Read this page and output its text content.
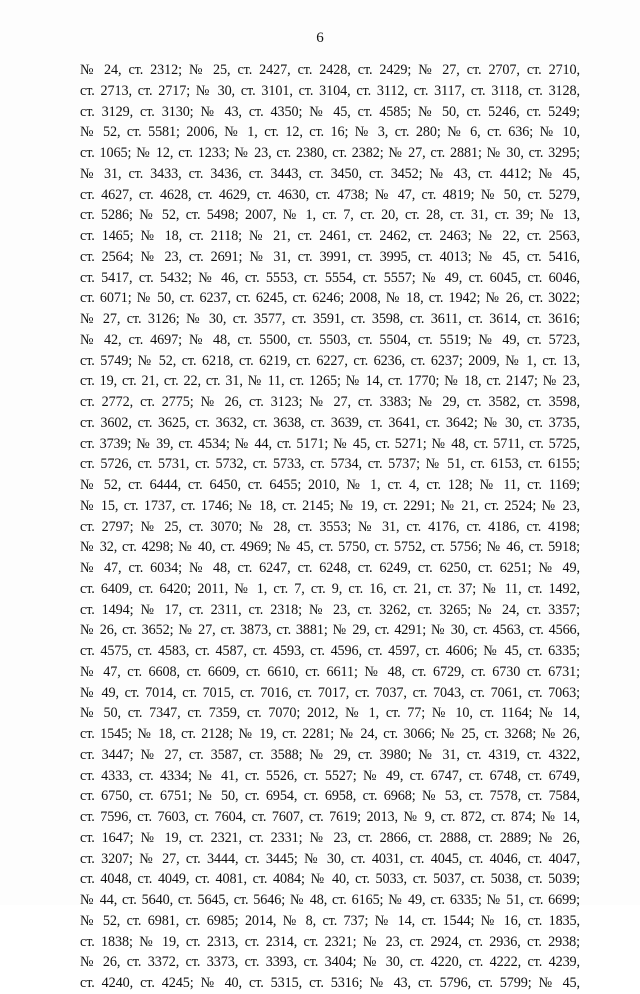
6
№ 24, ст. 2312; № 25, ст. 2427, ст. 2428, ст. 2429; № 27, ст. 2707, ст. 2710,
ст. 2713, ст. 2717; № 30, ст. 3101, ст. 3104, ст. 3112, ст. 3117, ст. 3118, ст. 3128,
ст. 3129, ст. 3130; № 43, ст. 4350; № 45, ст. 4585; № 50, ст. 5246, ст. 5249;
№ 52, ст. 5581; 2006, № 1, ст. 12, ст. 16; № 3, ст. 280; № 6, ст. 636; № 10,
ст. 1065; № 12, ст. 1233; № 23, ст. 2380, ст. 2382; № 27, ст. 2881; № 30, ст. 3295;
№ 31, ст. 3433, ст. 3436, ст. 3443, ст. 3450, ст. 3452; № 43, ст. 4412; № 45,
ст. 4627, ст. 4628, ст. 4629, ст. 4630, ст. 4738; № 47, ст. 4819; № 50, ст. 5279,
ст. 5286; № 52, ст. 5498; 2007, № 1, ст. 7, ст. 20, ст. 28, ст. 31, ст. 39; № 13,
ст. 1465; № 18, ст. 2118; № 21, ст. 2461, ст. 2462, ст. 2463; № 22, ст. 2563,
ст. 2564; № 23, ст. 2691; № 31, ст. 3991, ст. 3995, ст. 4013; № 45, ст. 5416,
ст. 5417, ст. 5432; № 46, ст. 5553, ст. 5554, ст. 5557; № 49, ст. 6045, ст. 6046,
ст. 6071; № 50, ст. 6237, ст. 6245, ст. 6246; 2008, № 18, ст. 1942; № 26, ст. 3022;
№ 27, ст. 3126; № 30, ст. 3577, ст. 3591, ст. 3598, ст. 3611, ст. 3614, ст. 3616;
№ 42, ст. 4697; № 48, ст. 5500, ст. 5503, ст. 5504, ст. 5519; № 49, ст. 5723,
ст. 5749; № 52, ст. 6218, ст. 6219, ст. 6227, ст. 6236, ст. 6237; 2009, № 1, ст. 13,
ст. 19, ст. 21, ст. 22, ст. 31, № 11, ст. 1265; № 14, ст. 1770; № 18, ст. 2147; № 23,
ст. 2772, ст. 2775; № 26, ст. 3123; № 27, ст. 3383; № 29, ст. 3582, ст. 3598,
ст. 3602, ст. 3625, ст. 3632, ст. 3638, ст. 3639, ст. 3641, ст. 3642; № 30, ст. 3735,
ст. 3739; № 39, ст. 4534; № 44, ст. 5171; № 45, ст. 5271; № 48, ст. 5711, ст. 5725,
ст. 5726, ст. 5731, ст. 5732, ст. 5733, ст. 5734, ст. 5737; № 51, ст. 6153, ст. 6155;
№ 52, ст. 6444, ст. 6450, ст. 6455; 2010, № 1, ст. 4, ст. 128; № 11, ст. 1169;
№ 15, ст. 1737, ст. 1746; № 18, ст. 2145; № 19, ст. 2291; № 21, ст. 2524; № 23,
ст. 2797; № 25, ст. 3070; № 28, ст. 3553; № 31, ст. 4176, ст. 4186, ст. 4198;
№ 32, ст. 4298; № 40, ст. 4969; № 45, ст. 5750, ст. 5752, ст. 5756; № 46, ст. 5918;
№ 47, ст. 6034; № 48, ст. 6247, ст. 6248, ст. 6249, ст. 6250, ст. 6251; № 49,
ст. 6409, ст. 6420; 2011, № 1, ст. 7, ст. 9, ст. 16, ст. 21, ст. 37; № 11, ст. 1492,
ст. 1494; № 17, ст. 2311, ст. 2318; № 23, ст. 3262, ст. 3265; № 24, ст. 3357;
№ 26, ст. 3652; № 27, ст. 3873, ст. 3881; № 29, ст. 4291; № 30, ст. 4563, ст. 4566,
ст. 4575, ст. 4583, ст. 4587, ст. 4593, ст. 4596, ст. 4597, ст. 4606; № 45, ст. 6335;
№ 47, ст. 6608, ст. 6609, ст. 6610, ст. 6611; № 48, ст. 6729, ст. 6730 ст. 6731;
№ 49, ст. 7014, ст. 7015, ст. 7016, ст. 7017, ст. 7037, ст. 7043, ст. 7061, ст. 7063;
№ 50, ст. 7347, ст. 7359, ст. 7070; 2012, № 1, ст. 77; № 10, ст. 1164; № 14,
ст. 1545; № 18, ст. 2128; № 19, ст. 2281; № 24, ст. 3066; № 25, ст. 3268; № 26,
ст. 3447; № 27, ст. 3587, ст. 3588; № 29, ст. 3980; № 31, ст. 4319, ст. 4322,
ст. 4333, ст. 4334; № 41, ст. 5526, ст. 5527; № 49, ст. 6747, ст. 6748, ст. 6749,
ст. 6750, ст. 6751; № 50, ст. 6954, ст. 6958, ст. 6968; № 53, ст. 7578, ст. 7584,
ст. 7596, ст. 7603, ст. 7604, ст. 7607, ст. 7619; 2013, № 9, ст. 872, ст. 874; № 14,
ст. 1647; № 19, ст. 2321, ст. 2331; № 23, ст. 2866, ст. 2888, ст. 2889; № 26,
ст. 3207; № 27, ст. 3444, ст. 3445; № 30, ст. 4031, ст. 4045, ст. 4046, ст. 4047,
ст. 4048, ст. 4049, ст. 4081, ст. 4084; № 40, ст. 5033, ст. 5037, ст. 5038, ст. 5039;
№ 44, ст. 5640, ст. 5645, ст. 5646; № 48, ст. 6165; № 49, ст. 6335; № 51, ст. 6699;
№ 52, ст. 6981, ст. 6985; 2014, № 8, ст. 737; № 14, ст. 1544; № 16, ст. 1835,
ст. 1838; № 19, ст. 2313, ст. 2314, ст. 2321; № 23, ст. 2924, ст. 2936, ст. 2938;
№ 26, ст. 3372, ст. 3373, ст. 3393, ст. 3404; № 30, ст. 4220, ст. 4222, ст. 4239,
ст. 4240, ст. 4245; № 40, ст. 5315, ст. 5316; № 43, ст. 5796, ст. 5799; № 45,
